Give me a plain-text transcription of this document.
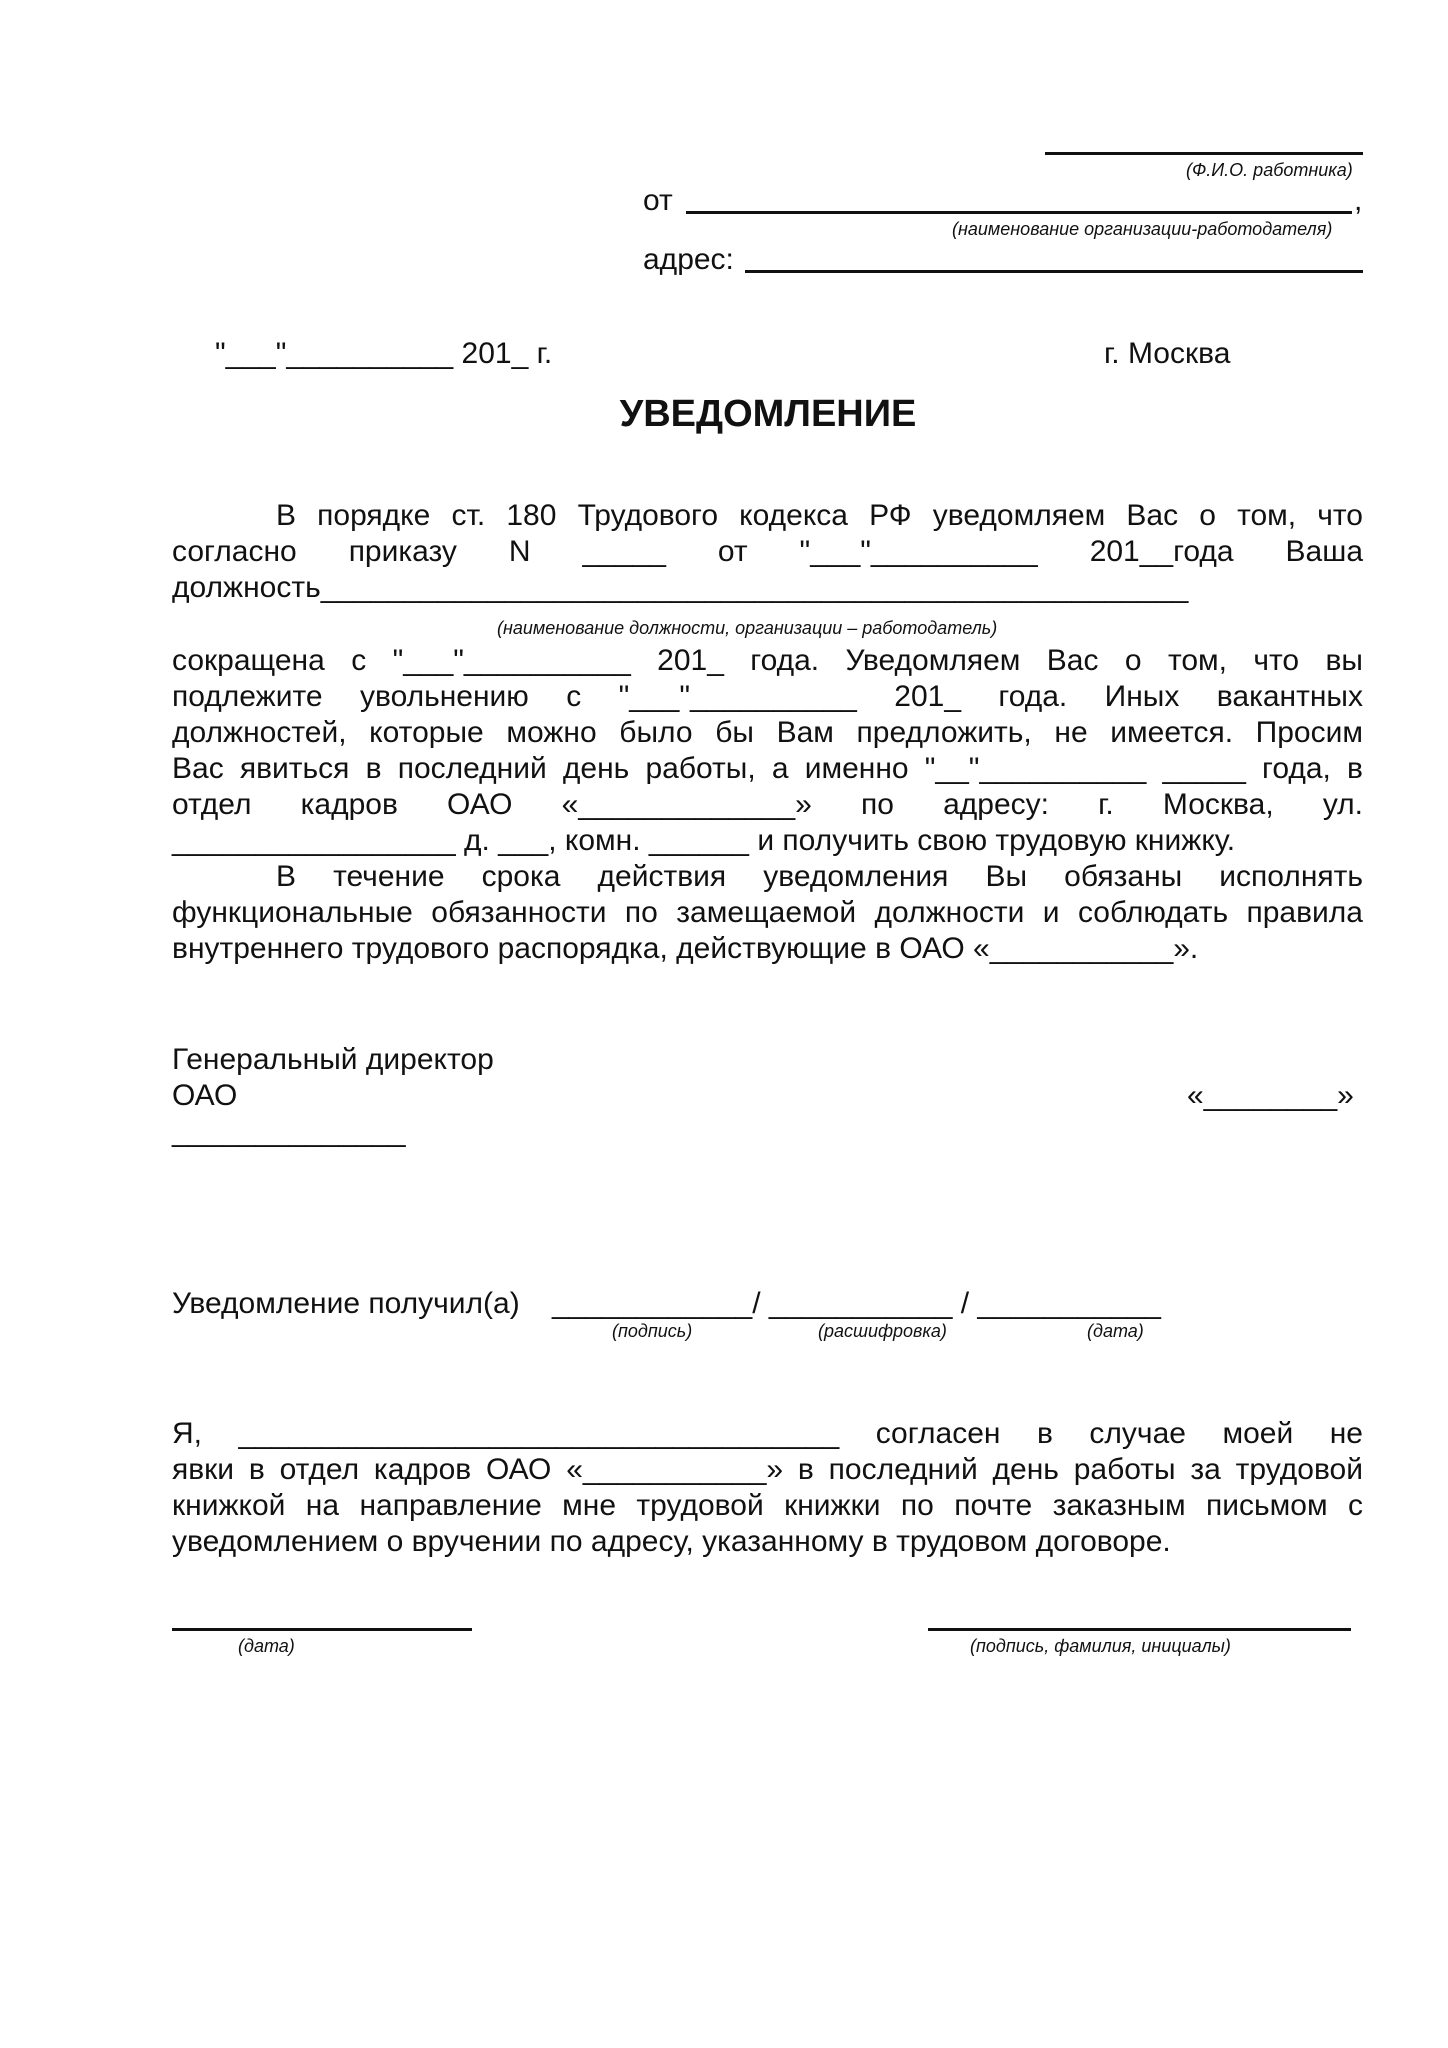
(Ф.И.О. работника)
от	,
(наименование организации-работодателя)
адрес:
"___"__________ 201_ г.	г. Москва
УВЕДОМЛЕНИЕ
В порядке ст. 180 Трудового кодекса РФ уведомляем Вас о том, что
согласно приказу N _____ от "___"__________ 201__года Ваша
должность____________________________________________________
(наименование должности, организации – работодатель)
сокращена с "___"__________ 201_ года. Уведомляем Вас о том, что вы
подлежите увольнению с "___"__________ 201_ года. Иных вакантных
должностей, которые можно было бы Вам предложить, не имеется. Просим
Вас явиться в последний день работы, а именно "__"__________ _____ года, в
отдел кадров ОАО «_____________» по адресу: г. Москва, ул.
_________________ д. ___, комн. ______ и получить свою трудовую книжку.
В течение срока действия уведомления Вы обязаны исполнять
функциональные обязанности по замещаемой должности и соблюдать правила
внутреннего трудового распорядка, действующие в ОАО «___________».
Генеральный директор
ОАО	«________»
______________
Уведомление получил(а) ____________/ ___________ / ___________
(подпись)	(расшифровка)	(дата)
Я, ____________________________________ согласен в случае моей не
явки в отдел кадров ОАО «___________» в последний день работы за трудовой
книжкой на направление мне трудовой книжки по почте заказным письмом с
уведомлением о вручении по адресу, указанному в трудовом договоре.
(дата)	(подпись, фамилия, инициалы)
